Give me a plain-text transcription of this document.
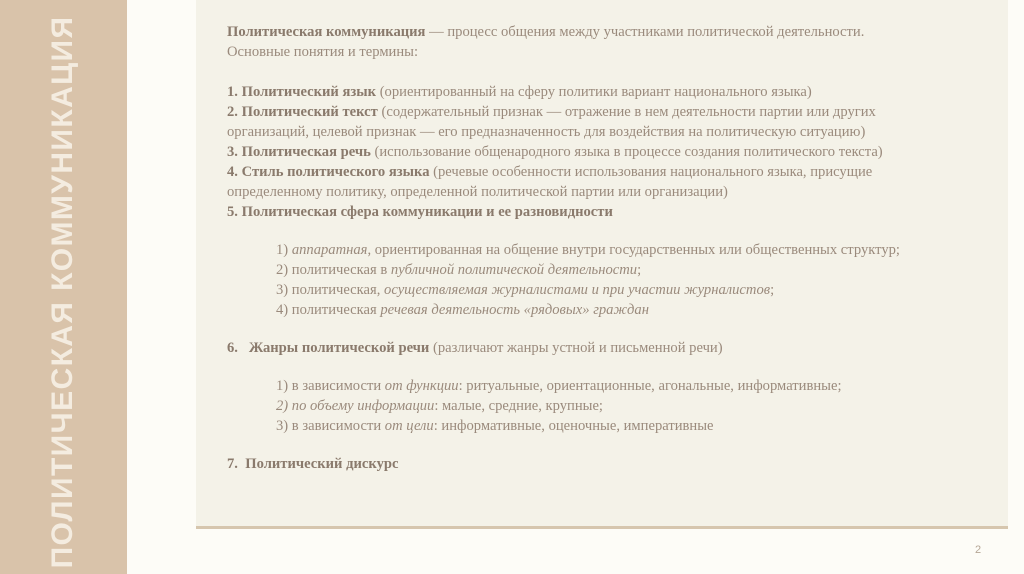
ПОЛИТИЧЕСКАЯ КОММУНИКАЦИЯ	Политическая коммуникация — процесс общения между участниками политической деятельности.

Основные понятия и термины:

1. Политический язык (ориентированный на сферу политики вариант национального языка)

2. Политический текст (содержательный признак — отражение в нем деятельности партии или других

организаций, целевой признак — его предназначенность для воздействия на политическую ситуацию)

3. Политическая речь (использование общенародного языка в процессе создания политического текста)

4. Стиль политического языка (речевые особенности использования национального языка, присущие

определенному политику, определенной политической партии или организации)

5. Политическая сфера коммуникации и ее разновидности

1) аппаратная, ориентированная на общение внутри государственных или общественных структур;

2) политическая в публичной политической деятельности;

3) политическая, осуществляемая журналистами и при участии журналистов;

4) политическая речевая деятельность «рядовых» граждан

6. Жанры политической речи (различают жанры устной и письменной речи)

1) в зависимости от функции: ритуальные, ориентационные, агональные, информативные;

2) по объему информации: малые, средние, крупные;

3) в зависимости от цели: информативные, оценочные, императивные

7. Политический дискурс

2
